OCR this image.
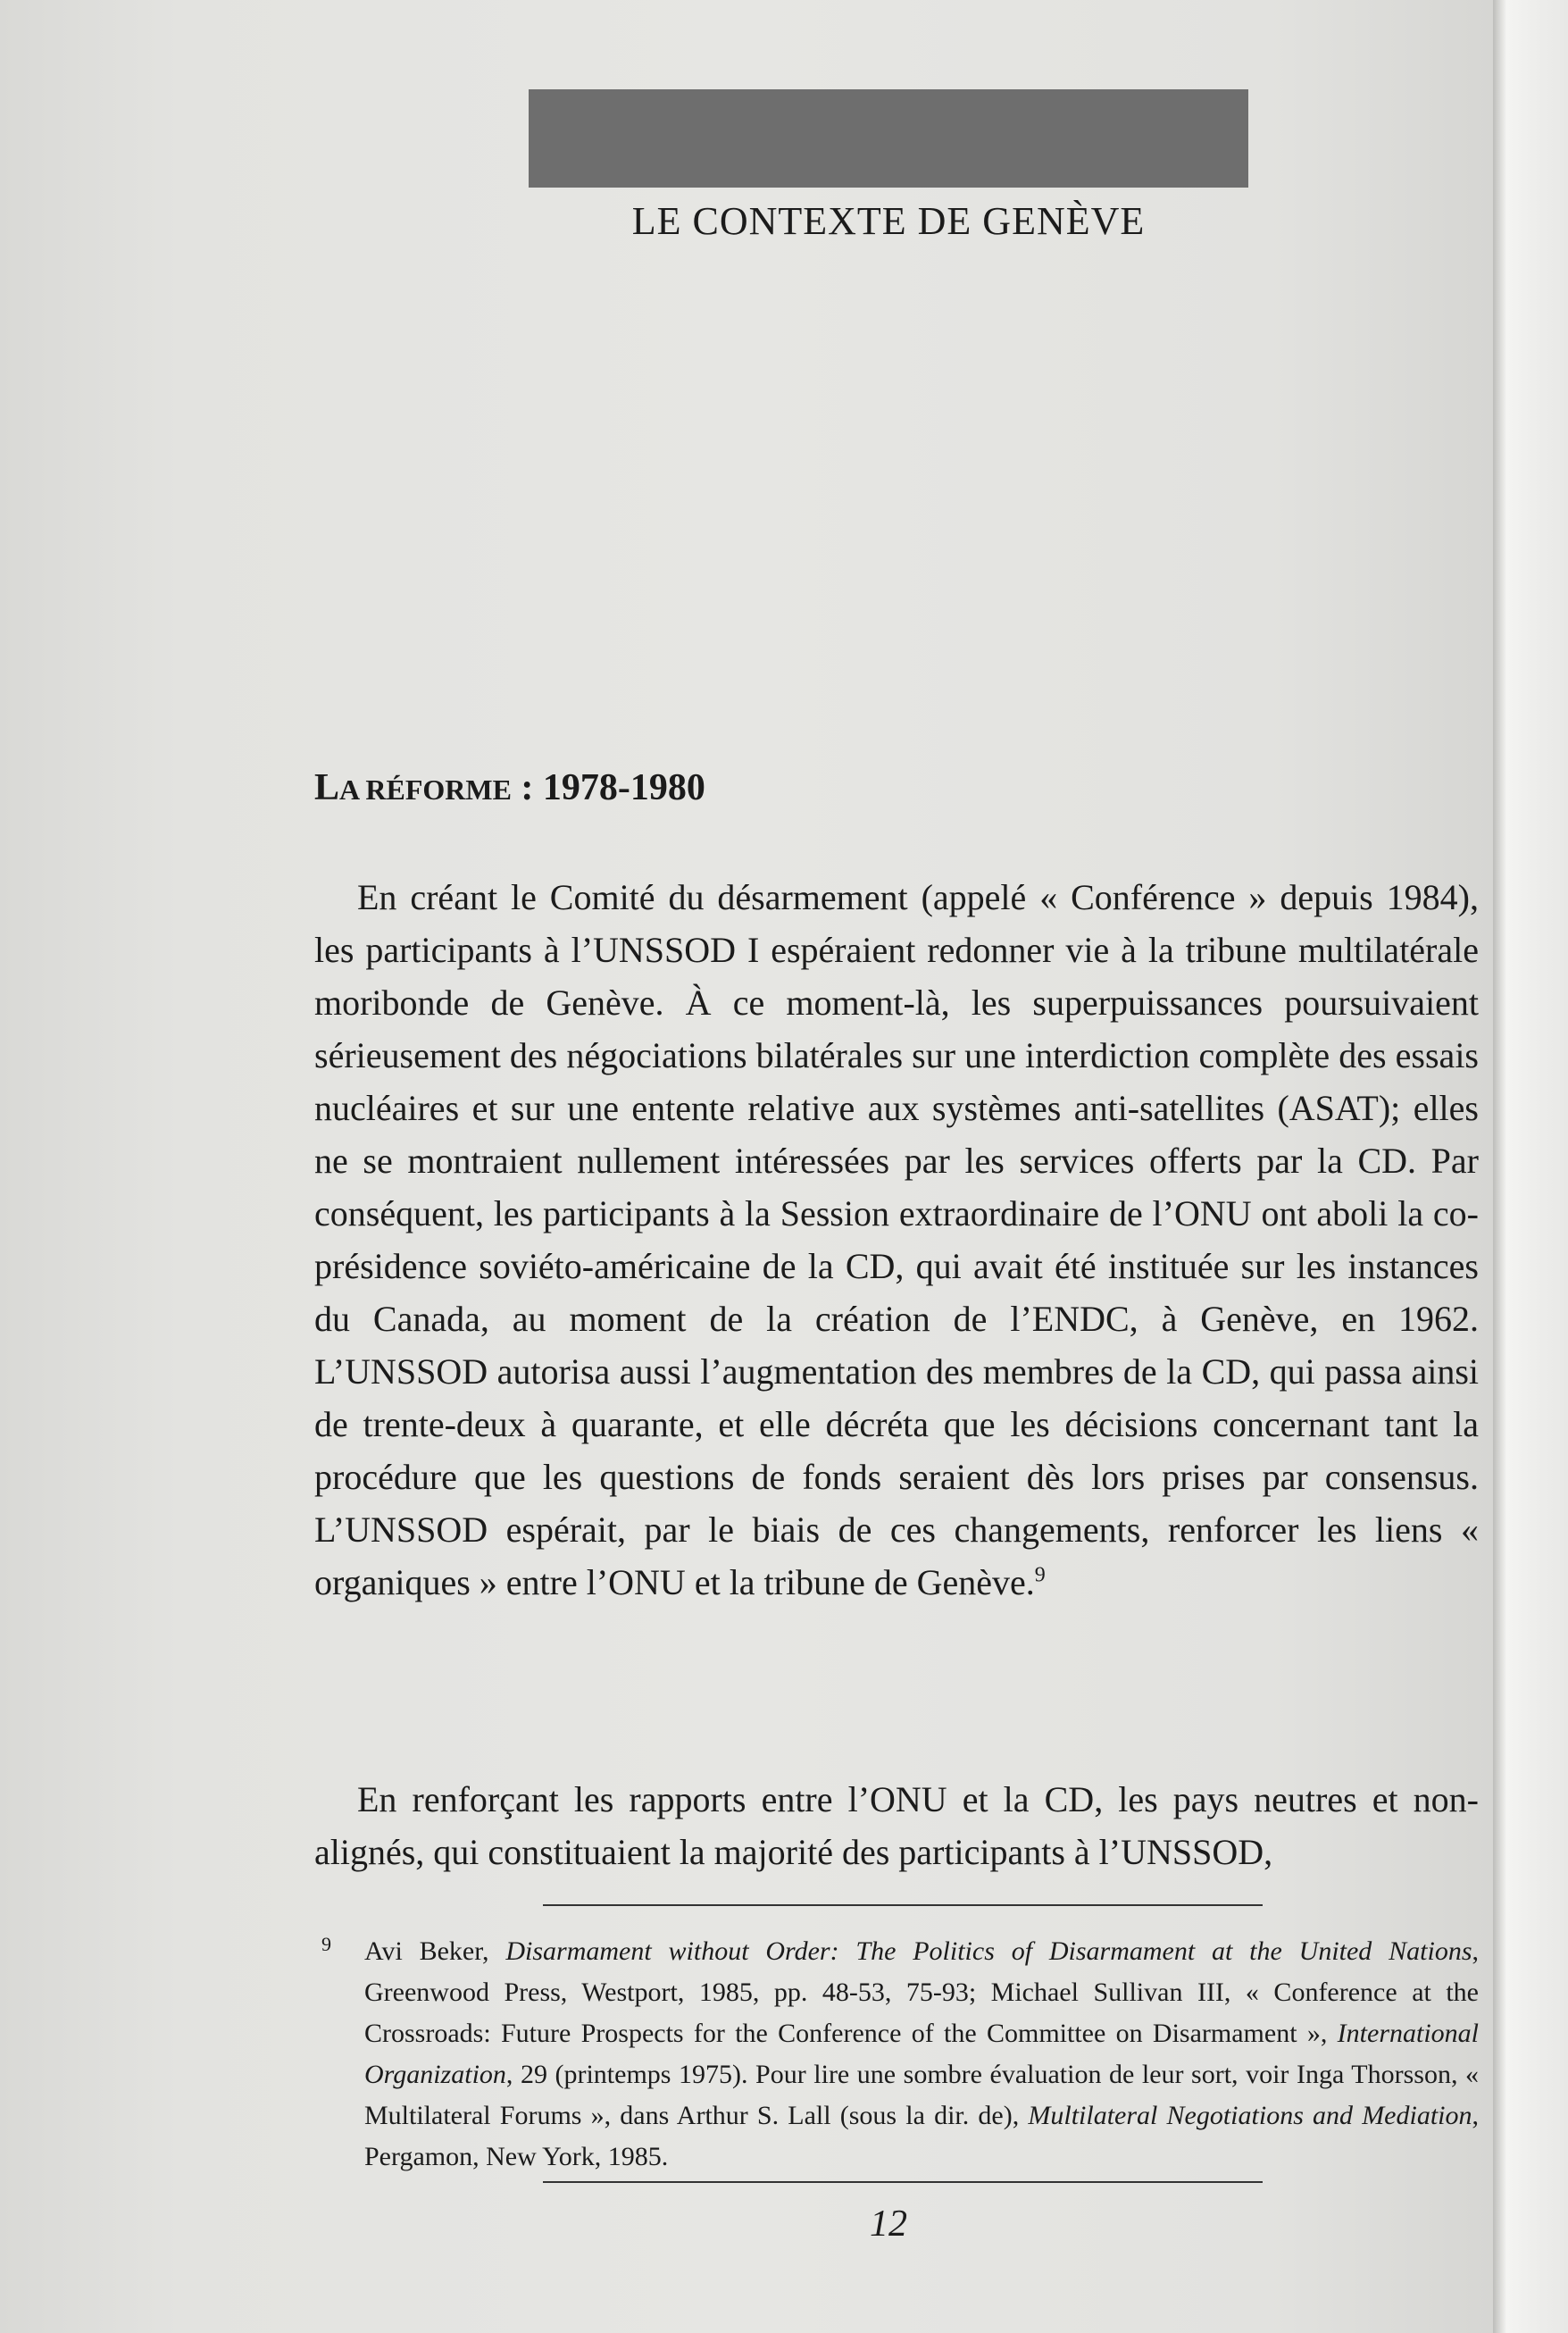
LE CONTEXTE DE GENÈVE
LA RÉFORME : 1978-1980

En créant le Comité du désarmement (appelé « Conférence » depuis 1984), les participants à l’UNSSOD I espéraient redonner vie à la tribune multilatérale moribonde de Genève. À ce moment-là, les superpuissances poursuivaient sérieusement des négociations bilatérales sur une interdiction complète des essais nucléaires et sur une entente relative aux systèmes anti-satellites (ASAT); elles ne se montraient nullement intéressées par les services offerts par la CD. Par conséquent, les participants à la Session extraordinaire de l’ONU ont aboli la co-présidence soviéto-américaine de la CD, qui avait été instituée sur les instances du Canada, au moment de la création de l’ENDC, à Genève, en 1962. L’UNSSOD autorisa aussi l’augmentation des membres de la CD, qui passa ainsi de trente-deux à quarante, et elle décréta que les décisions concernant tant la procédure que les questions de fonds seraient dès lors prises par consensus. L’UNSSOD espérait, par le biais de ces changements, renforcer les liens « organiques » entre l’ONU et la tribune de Genève.$^9$

En renforçant les rapports entre l’ONU et la CD, les pays neutres et non-alignés, qui constituaient la majorité des participants à l’UNSSOD,

9 Avi Beker, Disarmament without Order: The Politics of Disarmament at the United Nations, Greenwood Press, Westport, 1985, pp. 48-53, 75-93; Michael Sullivan III, « Conference at the Crossroads: Future Prospects for the Conference of the Committee on Disarmament », International Organization, 29 (printemps 1975). Pour lire une sombre évaluation de leur sort, voir Inga Thorsson, « Multilateral Forums », dans Arthur S. Lall (sous la dir. de), Multilateral Negotiations and Mediation, Pergamon, New York, 1985.
12
